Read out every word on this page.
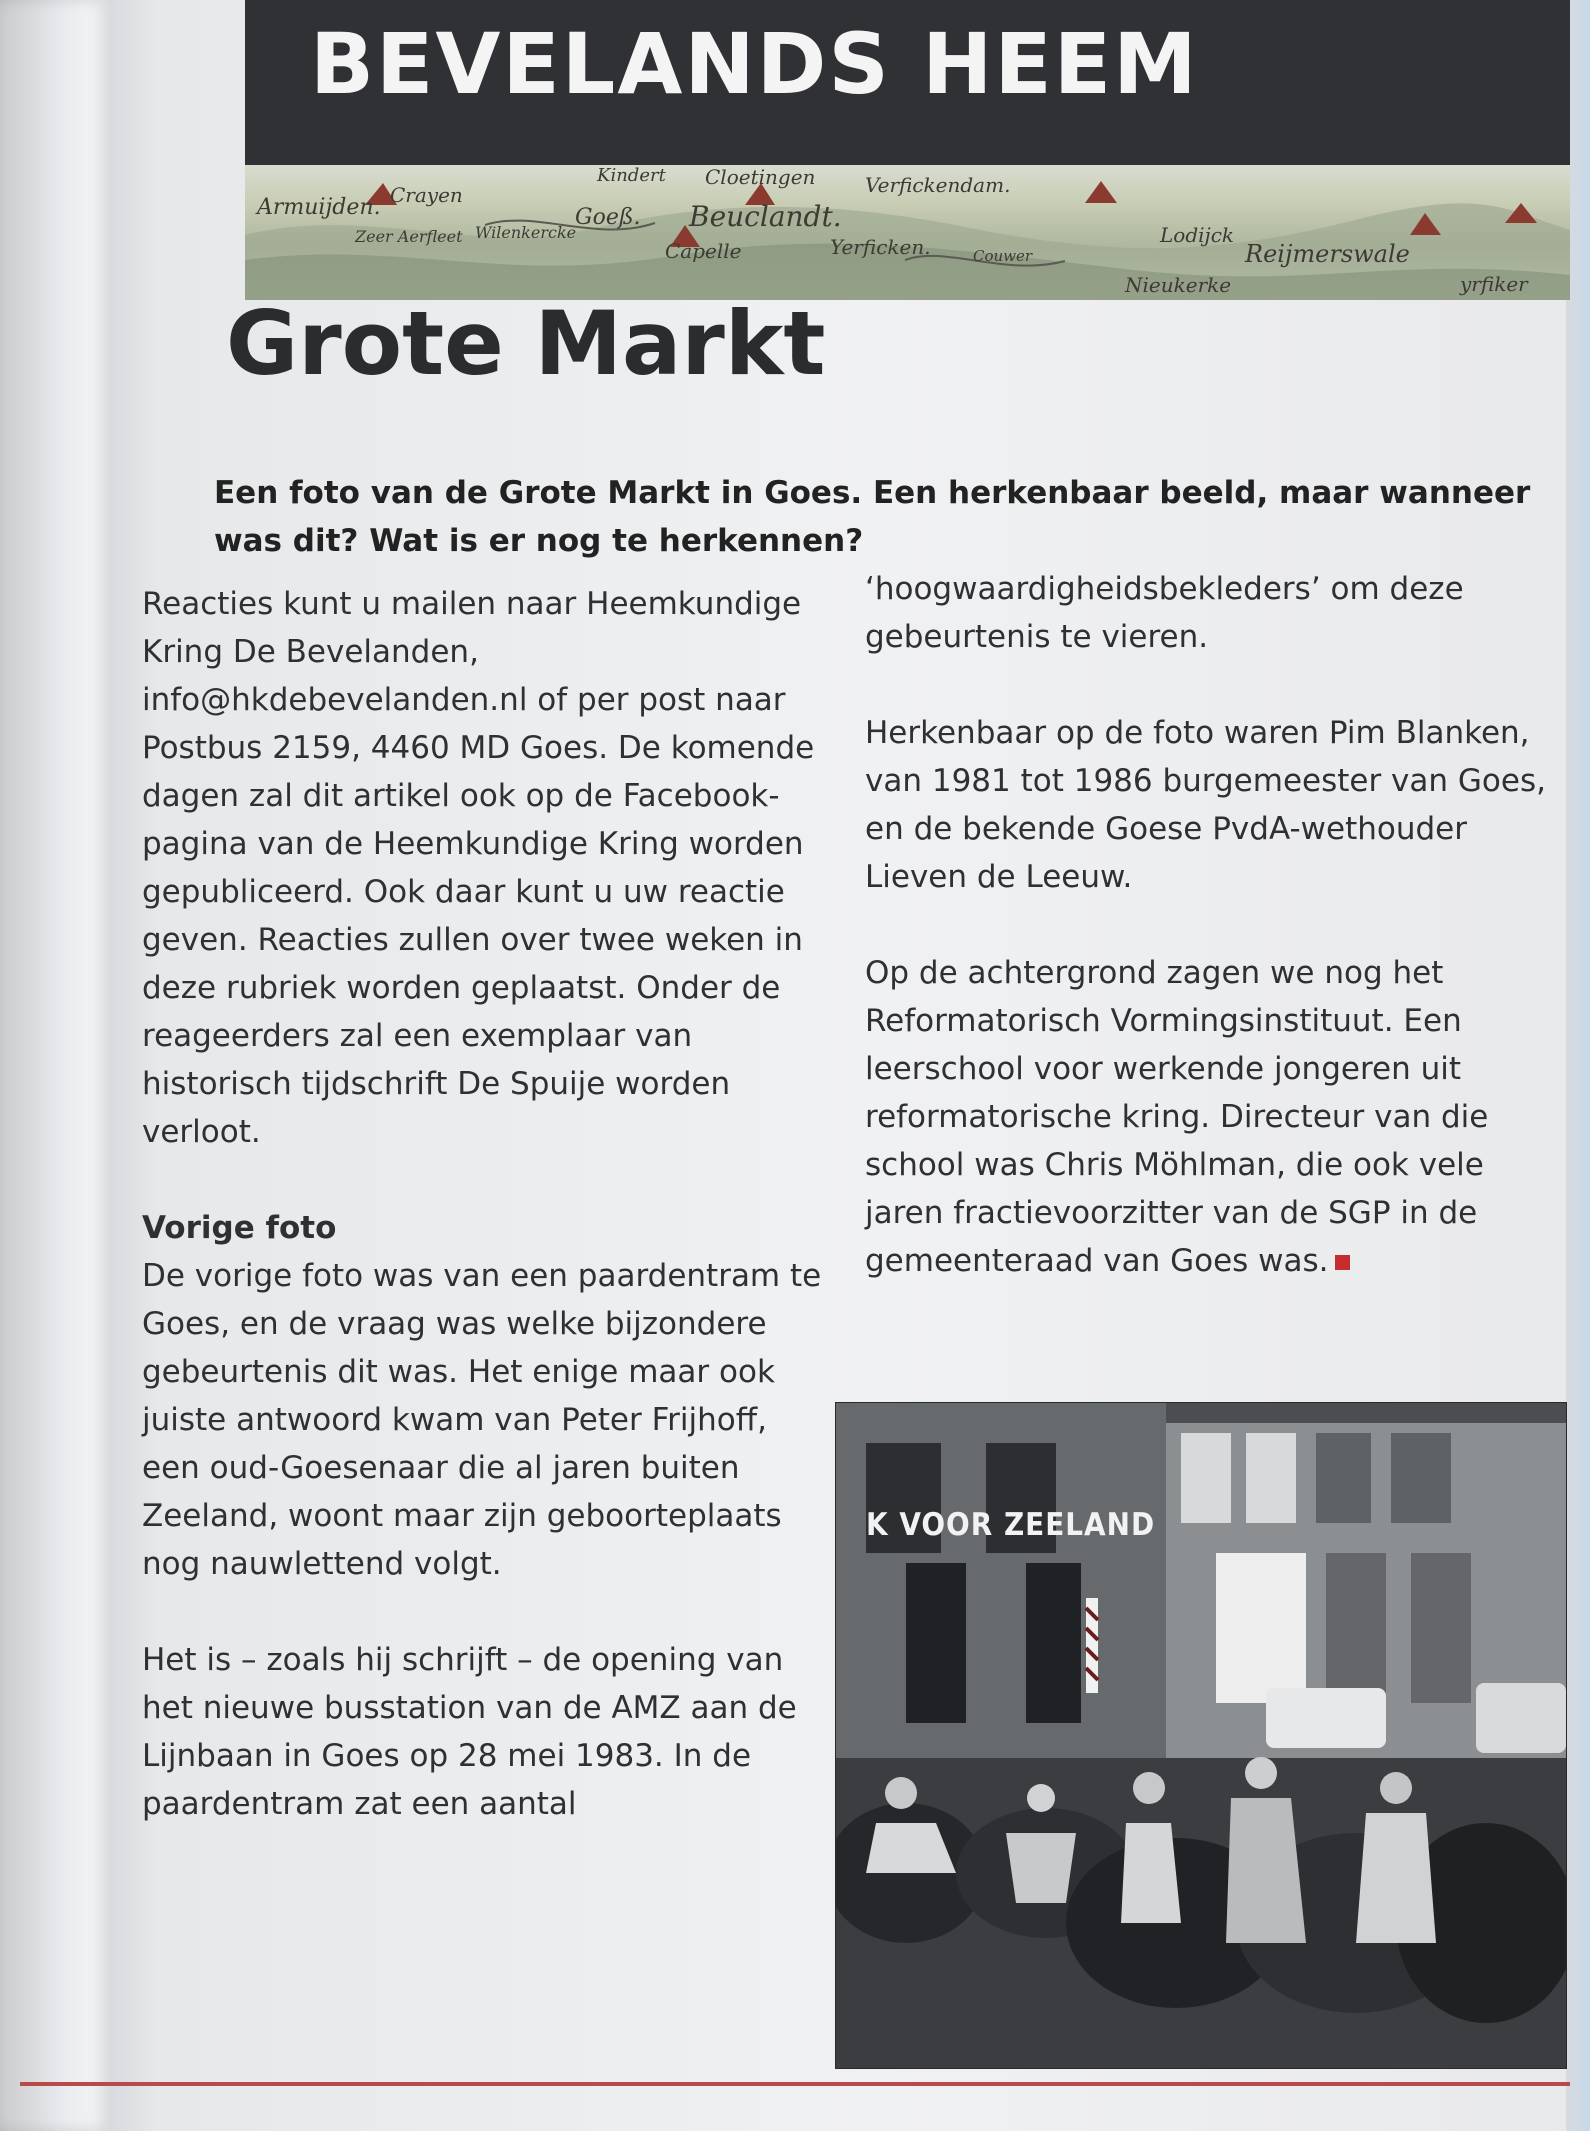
BEVELANDS HEEM
Armuijden. Crayen
Kindert Cloetingen Verfickendam.
Goeß. Beuclandt.
Wilenkercke
Capelle	Yerficken.	Couwer
Lodijck
Reijmerswale
Nieukerke	yrfiker
Zeer Aerfleet
Grote Markt

Een foto van de Grote Markt in Goes. Een herkenbaar beeld, maar wanneer was dit? Wat is er nog te herkennen?

Reacties kunt u mailen naar Heemkundige Kring De Bevelanden, info@hkdebevelanden.nl of per post naar Postbus 2159, 4460 MD Goes. De komende dagen zal dit artikel ook op de Facebook-pagina van de Heemkundige Kring worden gepubliceerd. Ook daar kunt u uw reactie geven. Reacties zullen over twee weken in deze rubriek worden geplaatst. Onder de reageerders zal een exemplaar van historisch tijdschrift De Spuije worden verloot.

Vorige foto

De vorige foto was van een paardentram te Goes, en de vraag was welke bijzondere gebeurtenis dit was. Het enige maar ook juiste antwoord kwam van Peter Frijhoff, een oud-Goesenaar die al jaren buiten Zeeland, woont maar zijn geboorteplaats nog nauwlettend volgt.

Het is – zoals hij schrijft – de opening van het nieuwe busstation van de AMZ aan de Lijnbaan in Goes op 28 mei 1983. In de paardentram zat een aantal

‘hoogwaardigheidsbekleders’ om deze gebeurtenis te vieren.

Herkenbaar op de foto waren Pim Blanken, van 1981 tot 1986 burgemeester van Goes, en de bekende Goese PvdA-wethouder Lieven de Leeuw.

Op de achtergrond zagen we nog het Reformatorisch Vormingsinstituut. Een leerschool voor werkende jongeren uit reformatorische kring. Directeur van die school was Chris Möhlman, die ook vele jaren fractievoorzitter van de SGP in de gemeenteraad van Goes was.

K VOOR ZEELAND
